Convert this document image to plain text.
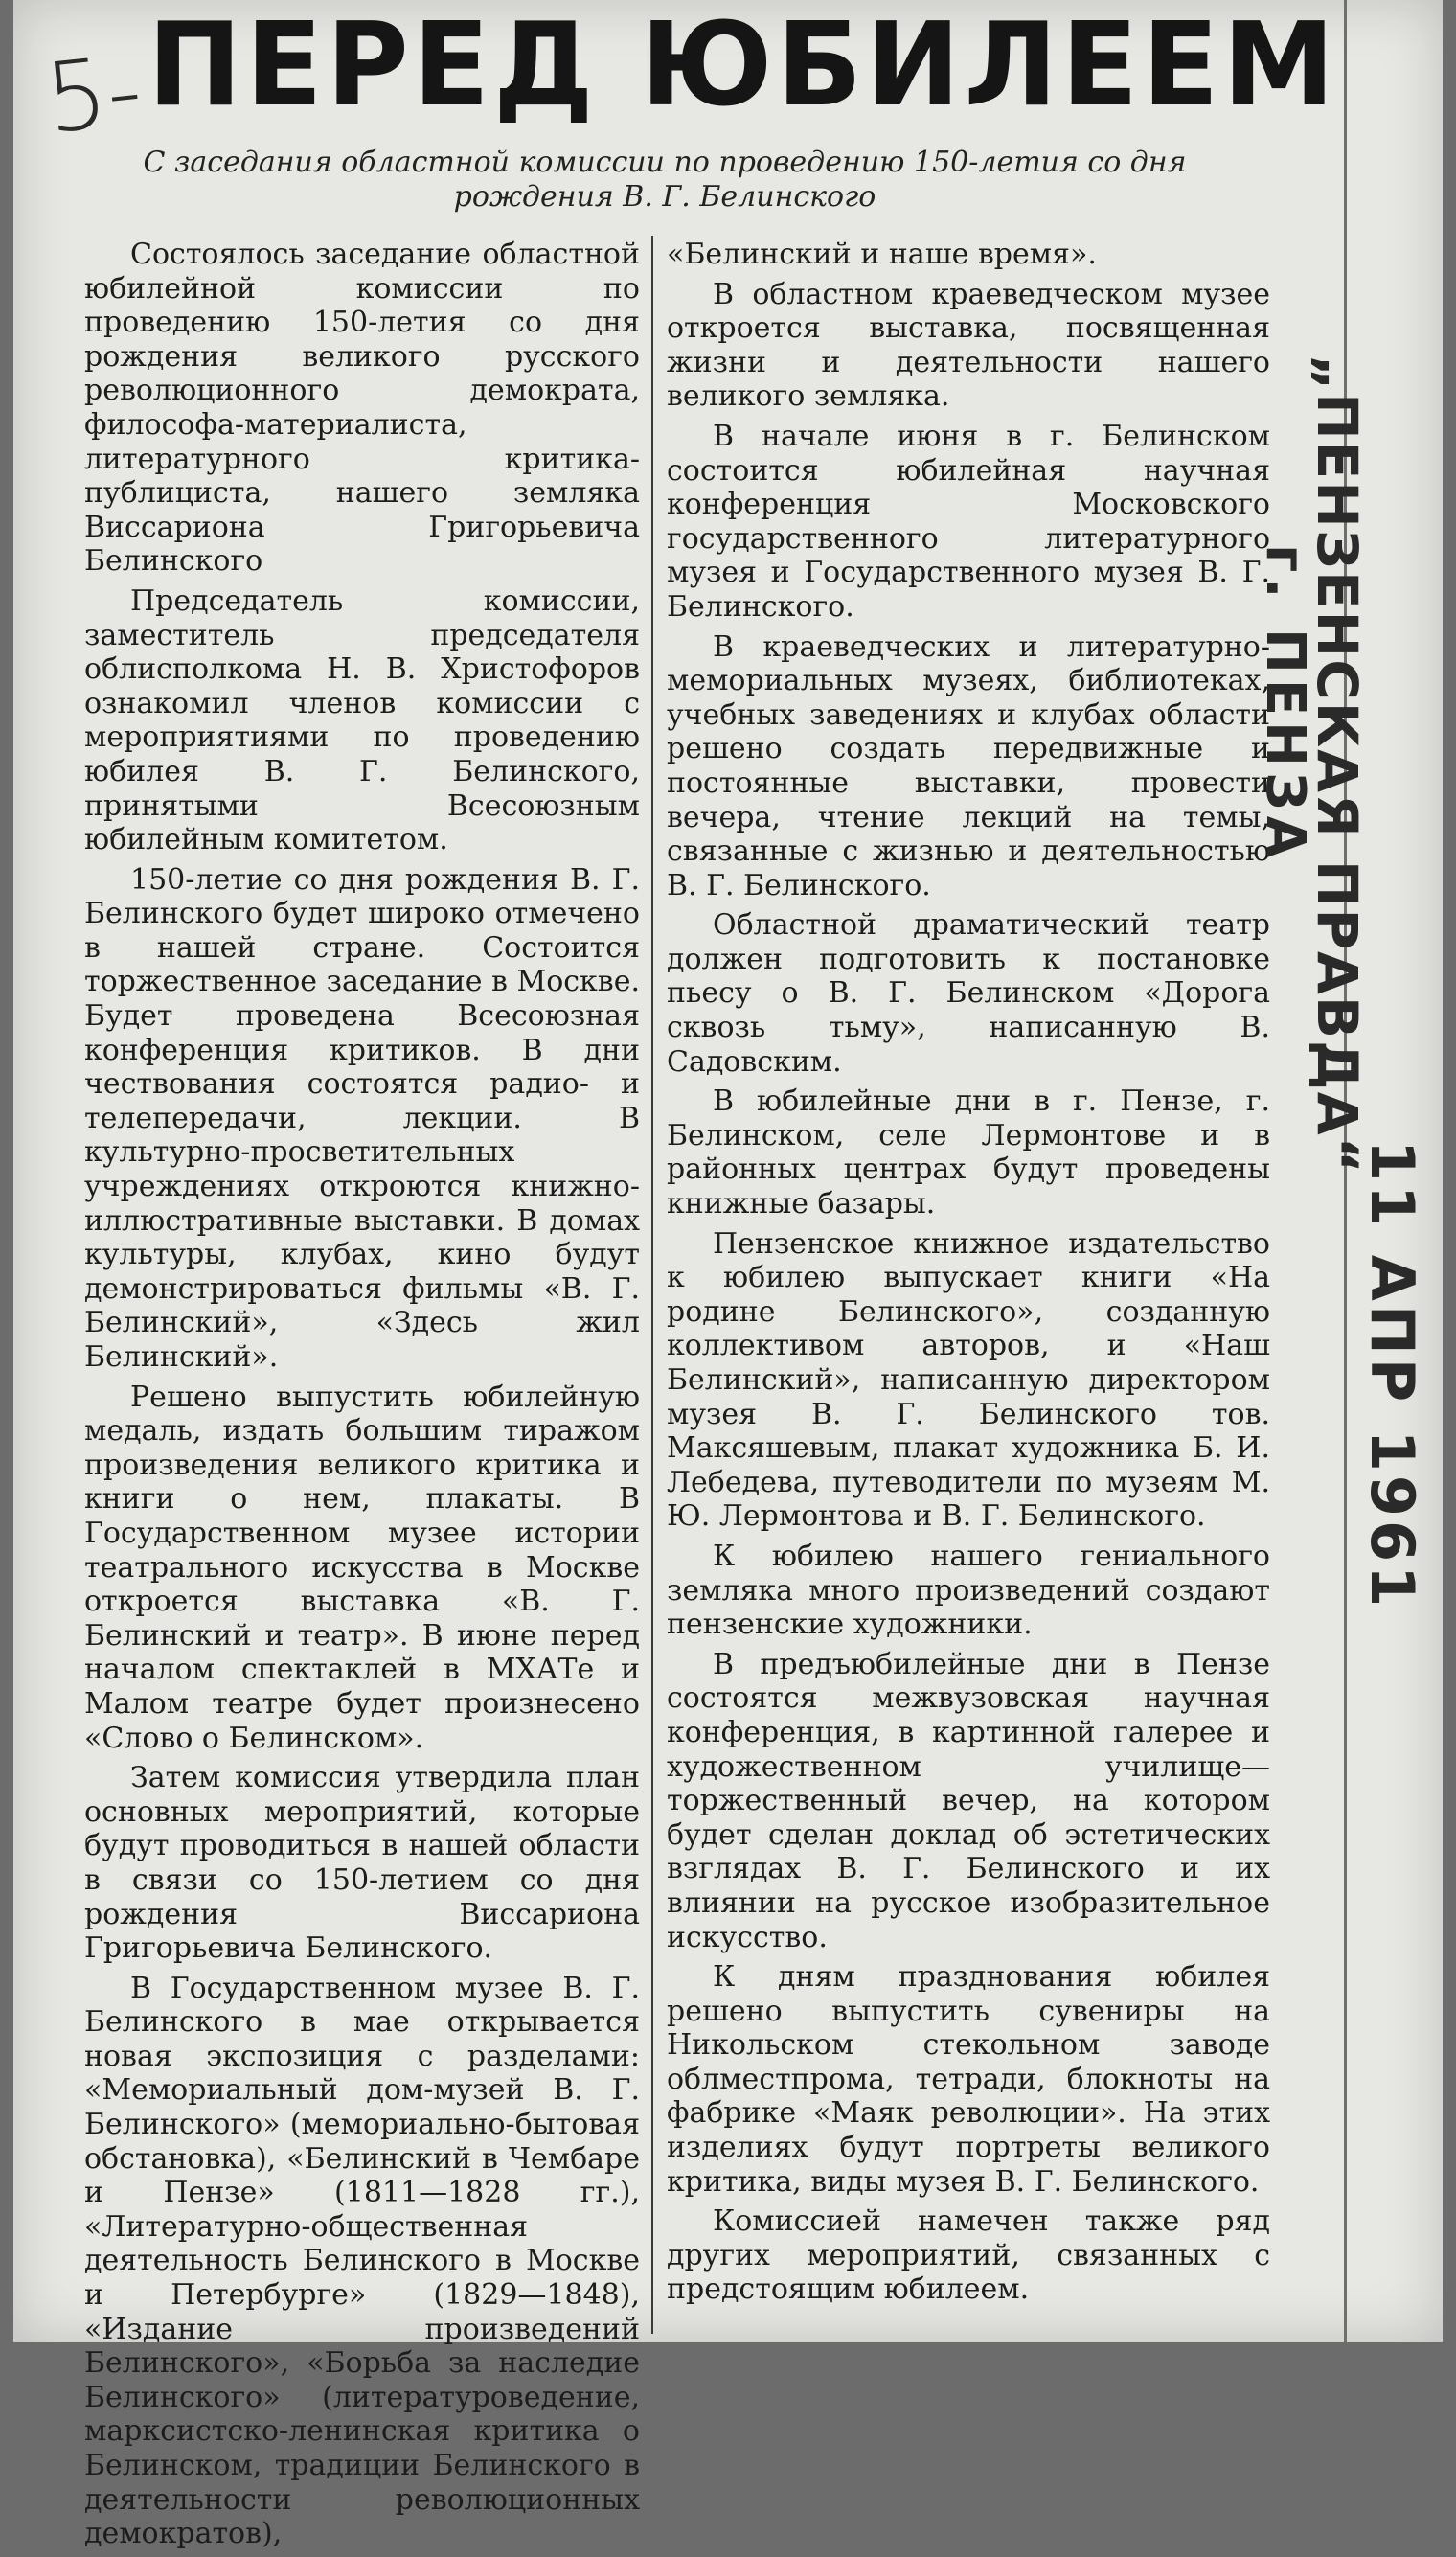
5- ПЕРЕД ЮБИЛЕЕМ
С заседания областной комиссии по проведению 150-летия со дня рождения В. Г. Белинского

Состоялось заседание областной юбилейной комиссии по проведению 150-летия со дня рождения великого русского революционного демократа, философа-материалиста, литературного критика-публициста, нашего земляка Виссариона Григорьевича Белинского

Председатель комиссии, заместитель председателя облисполкома Н. В. Христофоров ознакомил членов комиссии с мероприятиями по проведению юбилея В. Г. Белинского, принятыми Всесоюзным юбилейным комитетом.

150-летие со дня рождения В. Г. Белинского будет широко отмечено в нашей стране. Состоится торжественное заседание в Москве. Будет проведена Всесоюзная конференция критиков. В дни чествования состоятся радио- и телепередачи, лекции. В культурно-просветительных учреждениях откроются книжно-иллюстративные выставки. В домах культуры, клубах, кино будут демонстрироваться фильмы «В. Г. Белинский», «Здесь жил Белинский».

Решено выпустить юбилейную медаль, издать большим тиражом произведения великого критика и книги о нем, плакаты. В Государственном музее истории театрального искусства в Москве откроется выставка «В. Г. Белинский и театр». В июне перед началом спектаклей в МХАТе и Малом театре будет произнесено «Слово о Белинском».

Затем комиссия утвердила план основных мероприятий, которые будут проводиться в нашей области в связи со 150-летием со дня рождения Виссариона Григорьевича Белинского.

В Государственном музее В. Г. Белинского в мае открывается новая экспозиция с разделами: «Мемориальный дом-музей В. Г. Белинского» (мемориально-бытовая обстановка), «Белинский в Чембаре и Пензе» (1811—1828 гг.), «Литературно-общественная деятельность Белинского в Москве и Петербурге» (1829—1848), «Издание произведений Белинского», «Борьба за наследие Белинского» (литературоведение, марксистско-ленинская критика о Белинском, традиции Белинского в деятельности революционных демократов),

«Белинский и наше время».

В областном краеведческом музее откроется выставка, посвященная жизни и деятельности нашего великого земляка.

В начале июня в г. Белинском состоится юбилейная научная конференция Московского государственного литературного музея и Государственного музея В. Г. Белинского.

В краеведческих и литературно-мемориальных музеях, библиотеках, учебных заведениях и клубах области решено создать передвижные и постоянные выставки, провести вечера, чтение лекций на темы, связанные с жизнью и деятельностью В. Г. Белинского.

Областной драматический театр должен подготовить к постановке пьесу о В. Г. Белинском «Дорога сквозь тьму», написанную В. Садовским.

В юбилейные дни в г. Пензе, г. Белинском, селе Лермонтове и в районных центрах будут проведены книжные базары.

Пензенское книжное издательство к юбилею выпускает книги «На родине Белинского», созданную коллективом авторов, и «Наш Белинский», написанную директором музея В. Г. Белинского тов. Максяшевым, плакат художника Б. И. Лебедева, путеводители по музеям М. Ю. Лермонтова и В. Г. Белинского.

К юбилею нашего гениального земляка много произведений создают пензенские художники.

В предъюбилейные дни в Пензе состоятся межвузовская научная конференция, в картинной галерее и художественном училище—торжественный вечер, на котором будет сделан доклад об эстетических взглядах В. Г. Белинского и их влиянии на русское изобразительное искусство.

К дням празднования юбилея решено выпустить сувениры на Никольском стекольном заводе облместпрома, тетради, блокноты на фабрике «Маяк революции». На этих изделиях будут портреты великого критика, виды музея В. Г. Белинского.

Комиссией намечен также ряд других мероприятий, связанных с предстоящим юбилеем.

„ПЕНЗЕНСКАЯ ПРАВДА“
г. ПЕНЗА
11 АПР 1961
